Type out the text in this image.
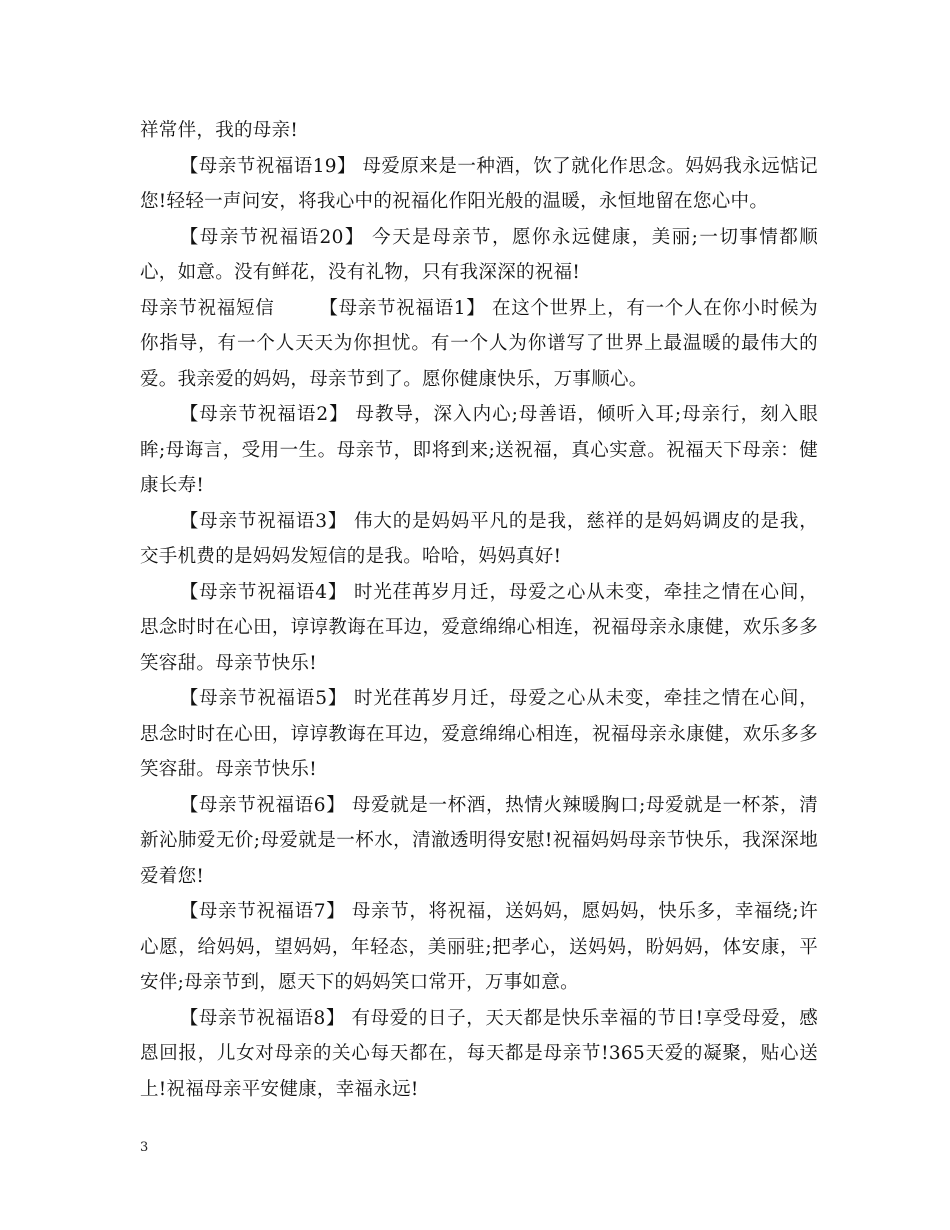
祥常伴，我的母亲!

【母亲节祝福语19】 母爱原来是一种酒，饮了就化作思念。妈妈我永远惦记您!轻轻一声问安，将我心中的祝福化作阳光般的温暖，永恒地留在您心中。

【母亲节祝福语20】 今天是母亲节，愿你永远健康，美丽;一切事情都顺心，如意。没有鲜花，没有礼物，只有我深深的祝福!

母亲节祝福短信　　 【母亲节祝福语1】 在这个世界上，有一个人在你小时候为你指导，有一个人天天为你担忧。有一个人为你谱写了世界上最温暖的最伟大的爱。我亲爱的妈妈，母亲节到了。愿你健康快乐，万事顺心。

【母亲节祝福语2】 母教导，深入内心;母善语，倾听入耳;母亲行，刻入眼眸;母诲言，受用一生。母亲节，即将到来;送祝福，真心实意。祝福天下母亲：健康长寿!

【母亲节祝福语3】 伟大的是妈妈平凡的是我，慈祥的是妈妈调皮的是我，交手机费的是妈妈发短信的是我。哈哈，妈妈真好!

【母亲节祝福语4】 时光荏苒岁月迁，母爱之心从未变，牵挂之情在心间，思念时时在心田，谆谆教诲在耳边，爱意绵绵心相连，祝福母亲永康健，欢乐多多笑容甜。母亲节快乐!

【母亲节祝福语5】 时光荏苒岁月迁，母爱之心从未变，牵挂之情在心间，思念时时在心田，谆谆教诲在耳边，爱意绵绵心相连，祝福母亲永康健，欢乐多多笑容甜。母亲节快乐!

【母亲节祝福语6】 母爱就是一杯酒，热情火辣暖胸口;母爱就是一杯茶，清新沁肺爱无价;母爱就是一杯水，清澈透明得安慰!祝福妈妈母亲节快乐，我深深地爱着您!

【母亲节祝福语7】 母亲节，将祝福，送妈妈，愿妈妈，快乐多，幸福绕;许心愿，给妈妈，望妈妈，年轻态，美丽驻;把孝心，送妈妈，盼妈妈，体安康，平安伴;母亲节到，愿天下的妈妈笑口常开，万事如意。

【母亲节祝福语8】 有母爱的日子，天天都是快乐幸福的节日!享受母爱，感恩回报，儿女对母亲的关心每天都在，每天都是母亲节!365天爱的凝聚，贴心送上!祝福母亲平安健康，幸福永远!

3
